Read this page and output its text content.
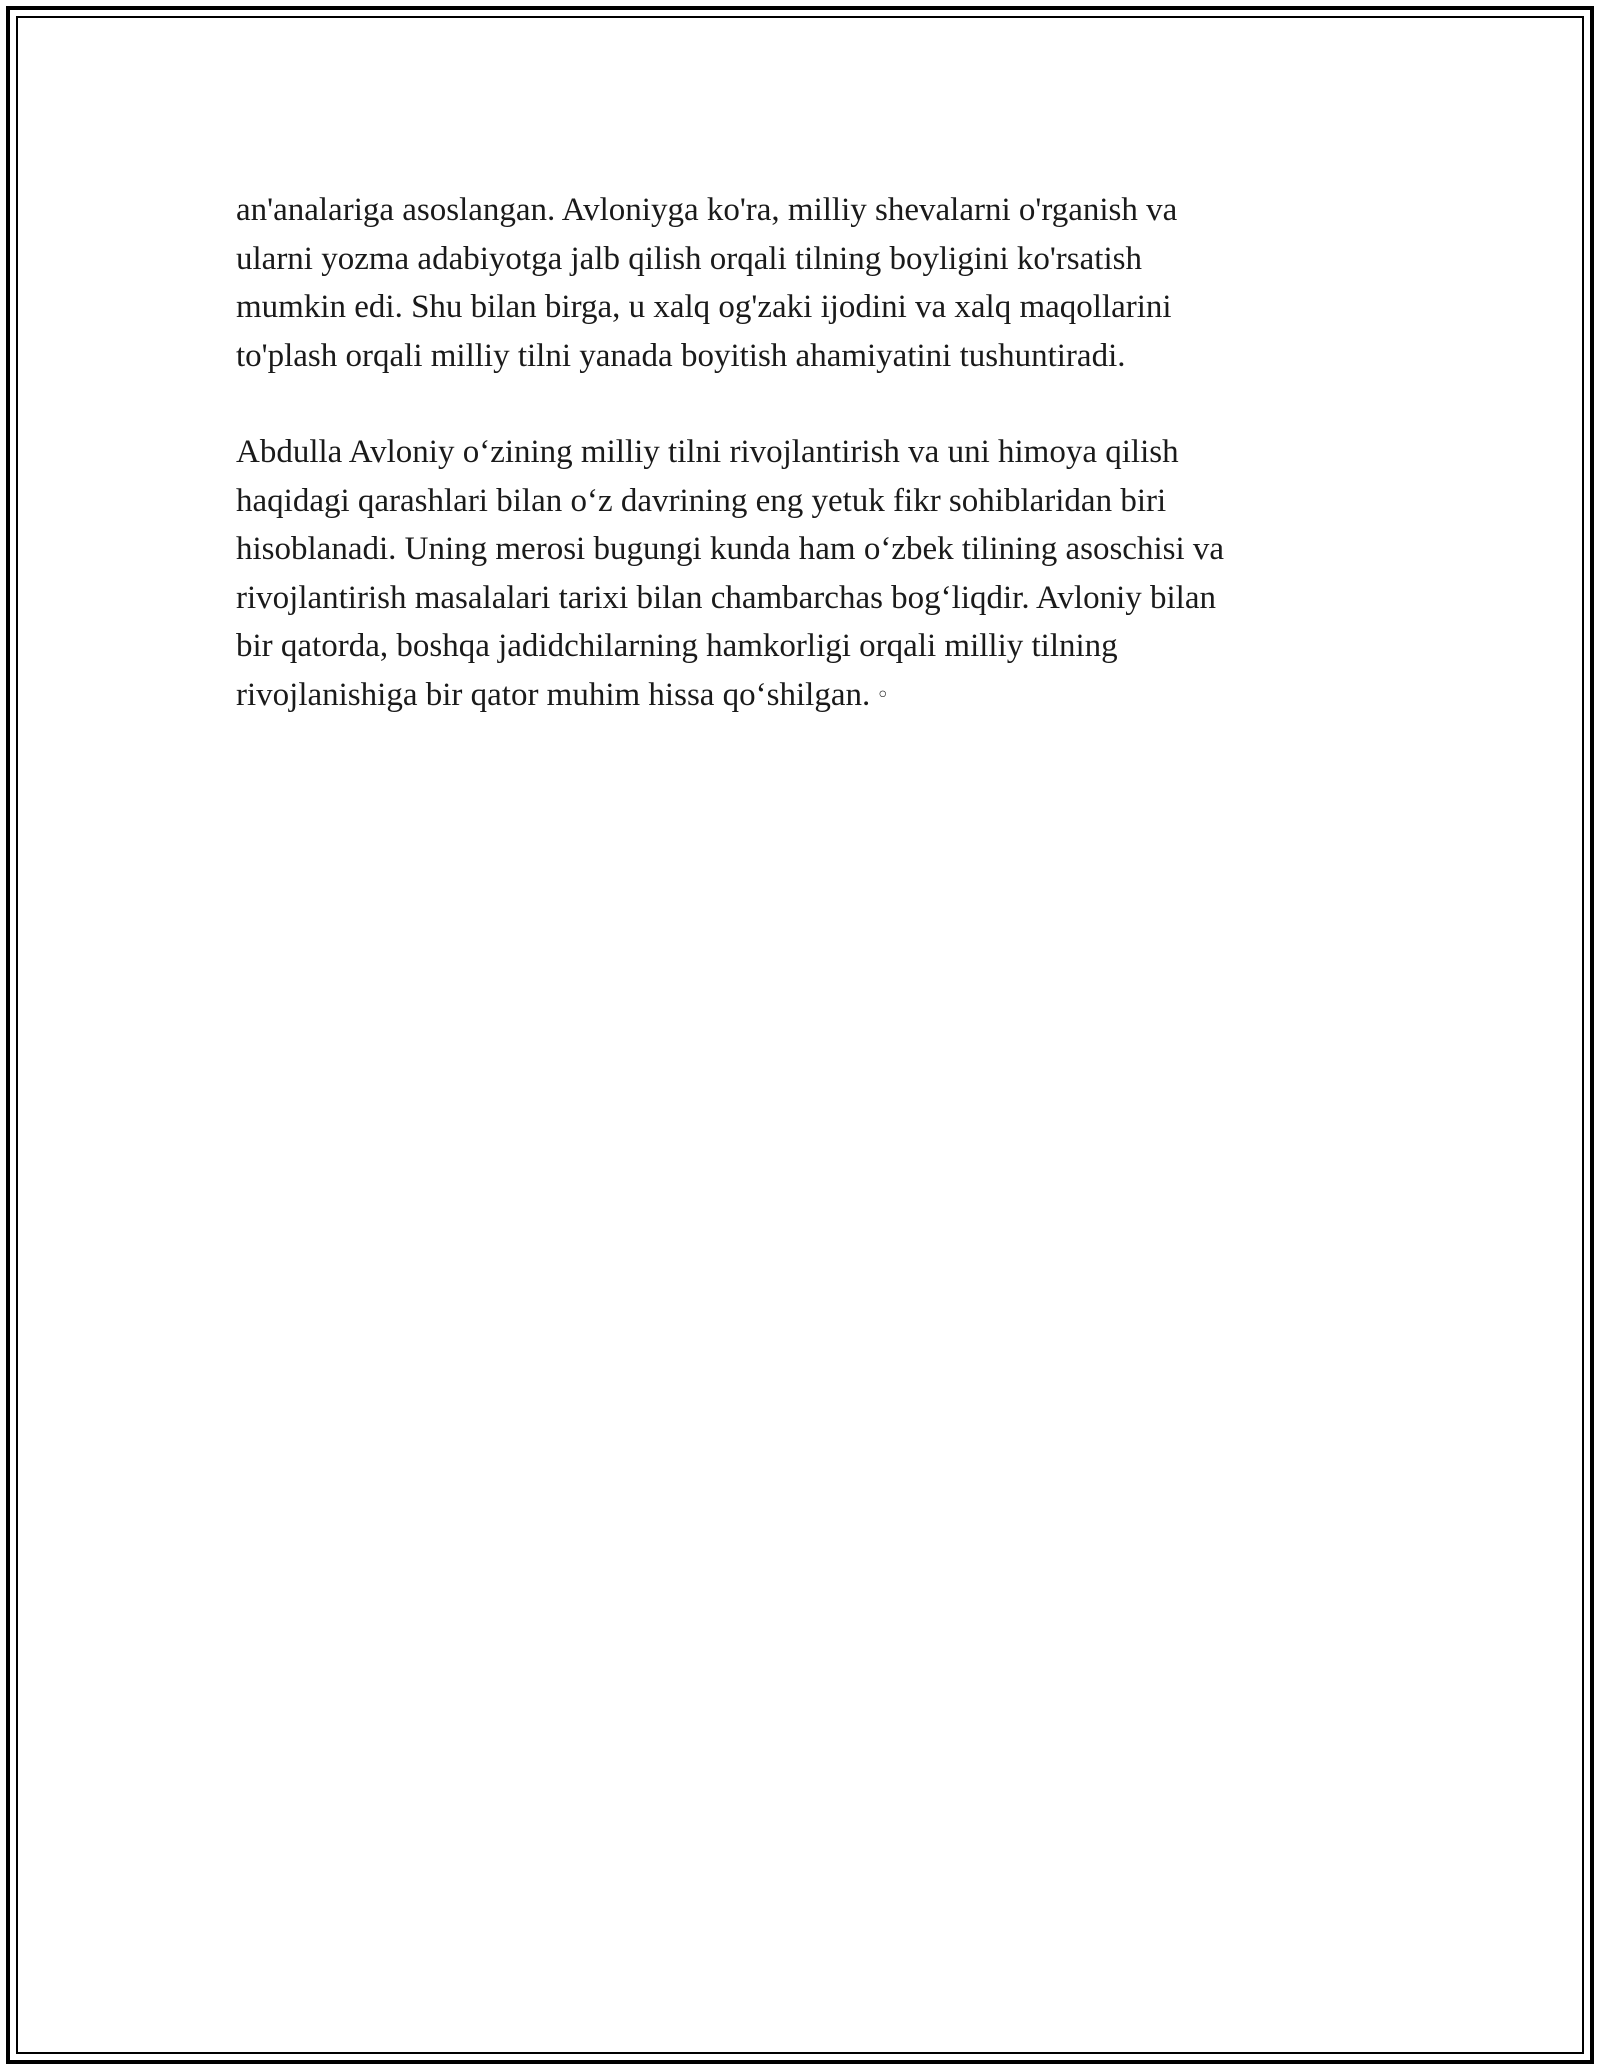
an'analariga asoslangan. Avloniyga ko'ra, milliy shevalarni o'rganish va
ularni yozma adabiyotga jalb qilish orqali tilning boyligini ko'rsatish
mumkin edi. Shu bilan birga, u xalq og'zaki ijodini va xalq maqollarini
to'plash orqali milliy tilni yanada boyitish ahamiyatini tushuntiradi.
Abdulla Avloniy o‘zining milliy tilni rivojlantirish va uni himoya qilish
haqidagi qarashlari bilan o‘z davrining eng yetuk fikr sohiblaridan biri
hisoblanadi. Uning merosi bugungi kunda ham o‘zbek tilining asoschisi va
rivojlantirish masalalari tarixi bilan chambarchas bog‘liqdir. Avloniy bilan
bir qatorda, boshqa jadidchilarning hamkorligi orqali milliy tilning
rivojlanishiga bir qator muhim hissa qo‘shilgan. ◦
